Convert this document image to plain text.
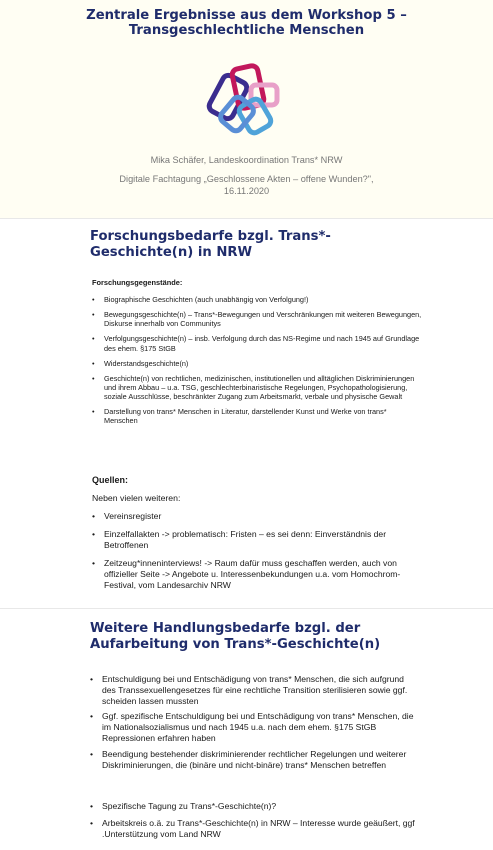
Zentrale Ergebnisse aus dem Workshop 5 – Transgeschlechtliche Menschen
Mika Schäfer, Landeskoordination Trans* NRW
Digitale Fachtagung „Geschlossene Akten – offene Wunden?",
16.11.2020
Forschungsbedarfe bzgl. Trans*-Geschichte(n) in NRW
Forschungsgegenstände:
• Biographische Geschichten (auch unabhängig von Verfolgung!)
• Bewegungsgeschichte(n) – Trans*-Bewegungen und Verschränkungen mit weiteren Bewegungen, Diskurse innerhalb von Communitys
• Verfolgungsgeschichte(n) – insb. Verfolgung durch das NS-Regime und nach 1945 auf Grundlage des ehem. §175 StGB
• Widerstandsgeschichte(n)
• Geschichte(n) von rechtlichen, medizinischen, institutionellen und alltäglichen Diskriminierungen und ihrem Abbau – u.a. TSG, geschlechterbinaristische Regelungen, Psychopathologisierung, soziale Ausschlüsse, beschränkter Zugang zum Arbeitsmarkt, verbale und physische Gewalt
• Darstellung von trans* Menschen in Literatur, darstellender Kunst und Werke von trans* Menschen
Quellen:
Neben vielen weiteren:
• Vereinsregister
• Einzelfallakten -> problematisch: Fristen – es sei denn: Einverständnis der Betroffenen
• Zeitzeug*inneninterviews! -> Raum dafür muss geschaffen werden, auch von offizieller Seite -> Angebote u. Interessenbekundungen u.a. vom Homochrom-Festival, vom Landesarchiv NRW
Weitere Handlungsbedarfe bzgl. der Aufarbeitung von Trans*-Geschichte(n)
• Entschuldigung bei und Entschädigung von trans* Menschen, die sich aufgrund des Transsexuellengesetzes für eine rechtliche Transition sterilisieren sowie ggf. scheiden lassen mussten
• Ggf. spezifische Entschuldigung bei und Entschädigung von trans* Menschen, die im Nationalsozialismus und nach 1945 u.a. nach dem ehem. §175 StGB Repressionen erfahren haben
• Beendigung bestehender diskriminierender rechtlicher Regelungen und weiterer Diskriminierungen, die (binäre und nicht-binäre) trans* Menschen betreffen
• Spezifische Tagung zu Trans*-Geschichte(n)?
• Arbeitskreis o.ä. zu Trans*-Geschichte(n) in NRW – Interesse wurde geäußert, ggf .Unterstützung vom Land NRW
